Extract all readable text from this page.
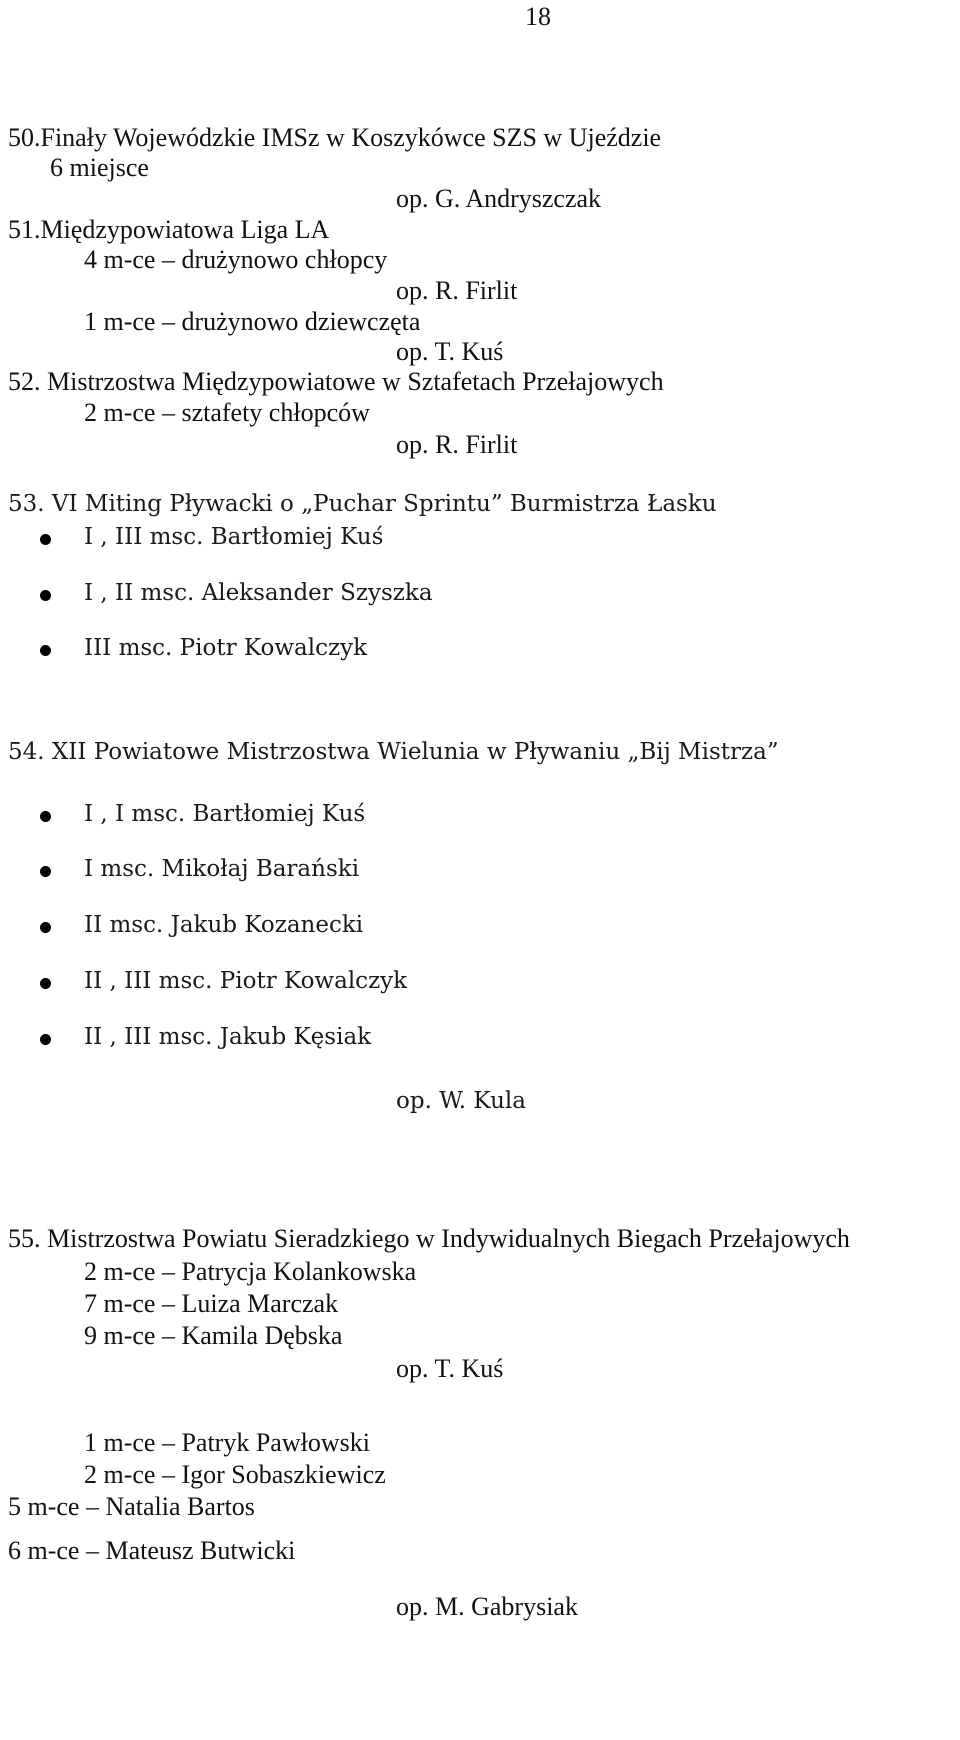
18
50.Finały Wojewódzkie IMSz w Koszykówce SZS w Ujeździe
6 miejsce
op. G. Andryszczak
51.Międzypowiatowa Liga LA
4 m-ce – drużynowo chłopcy
op. R. Firlit
1 m-ce – drużynowo dziewczęta
op. T. Kuś
52. Mistrzostwa Międzypowiatowe w Sztafetach Przełajowych
2 m-ce – sztafety chłopców
op. R. Firlit
53. VI Miting Pływacki o „Puchar Sprintu” Burmistrza Łasku
I , III msc. Bartłomiej Kuś
I , II msc. Aleksander Szyszka
III msc. Piotr Kowalczyk
54. XII Powiatowe Mistrzostwa Wielunia w Pływaniu „Bij Mistrza”
I , I msc. Bartłomiej Kuś
I msc. Mikołaj Barański
II msc. Jakub Kozanecki
II , III msc. Piotr Kowalczyk
II , III msc. Jakub Kęsiak
op. W. Kula
55. Mistrzostwa Powiatu Sieradzkiego w Indywidualnych Biegach Przełajowych
2 m-ce – Patrycja Kolankowska
7 m-ce – Luiza Marczak
9 m-ce – Kamila Dębska
op. T. Kuś
1 m-ce – Patryk Pawłowski
2 m-ce – Igor Sobaszkiewicz
5 m-ce – Natalia Bartos
6 m-ce – Mateusz Butwicki
op. M. Gabrysiak
